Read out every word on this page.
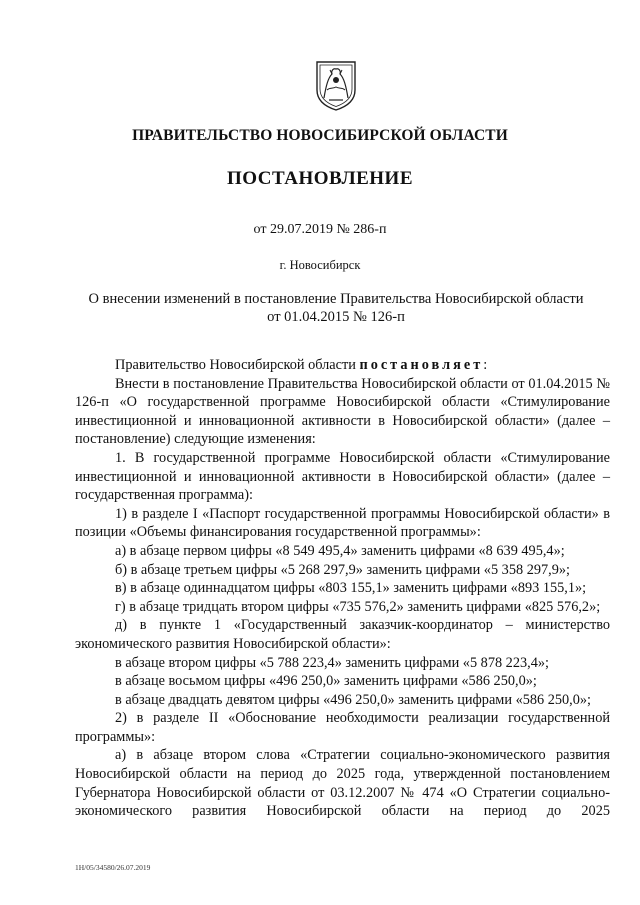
ПРАВИТЕЛЬСТВО НОВОСИБИРСКОЙ ОБЛАСТИ
ПОСТАНОВЛЕНИЕ
от 29.07.2019 № 286-п
г. Новосибирск
О внесении изменений в постановление Правительства Новосибирской области
от 01.04.2015 № 126-п

Правительство Новосибирской области постановляет:

Внести в постановление Правительства Новосибирской области от 01.04.2015 № 126-п «О государственной программе Новосибирской области «Стимулирование инвестиционной и инновационной активности в Новосибирской области» (далее – постановление) следующие изменения:

1. В государственной программе Новосибирской области «Стимулирование инвестиционной и инновационной активности в Новосибирской области» (далее – государственная программа):

1) в разделе I «Паспорт государственной программы Новосибирской области» в позиции «Объемы финансирования государственной программы»:

а) в абзаце первом цифры «8 549 495,4» заменить цифрами «8 639 495,4»;

б) в абзаце третьем цифры «5 268 297,9» заменить цифрами «5 358 297,9»;

в) в абзаце одиннадцатом цифры «803 155,1» заменить цифрами «893 155,1»;

г) в абзаце тридцать втором цифры «735 576,2» заменить цифрами «825 576,2»;

д) в пункте 1 «Государственный заказчик-координатор – министерство экономического развития Новосибирской области»:

в абзаце втором цифры «5 788 223,4» заменить цифрами «5 878 223,4»;

в абзаце восьмом цифры «496 250,0» заменить цифрами «586 250,0»;

в абзаце двадцать девятом цифры «496 250,0» заменить цифрами «586 250,0»;

2) в разделе II «Обоснование необходимости реализации государственной программы»:

а) в абзаце втором слова «Стратегии социально-экономического развития Новосибирской области на период до 2025 года, утвержденной постановлением Губернатора Новосибирской области от 03.12.2007 № 474 «О Стратегии социально-экономического развития Новосибирской области на период до 2025

1Н/05/34580/26.07.2019
